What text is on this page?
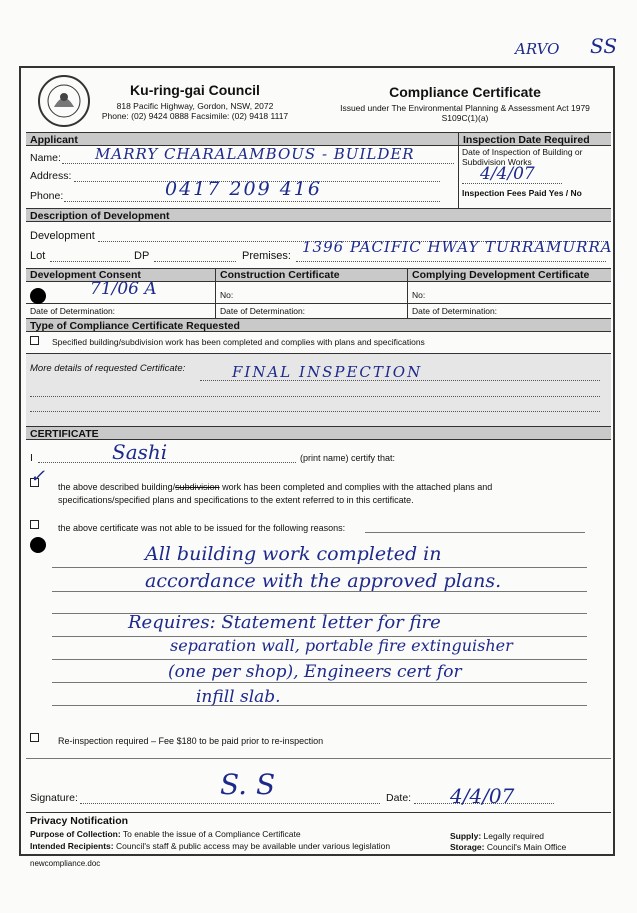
ARVO SS
Ku-ring-gai Council
818 Pacific Highway, Gordon, NSW, 2072
Phone: (02) 9424 0888 Facsimile: (02) 9418 1117
Compliance Certificate
Issued under The Environmental Planning & Assessment Act 1979
S109C(1)(a)
Applicant	Inspection Date Required
Name: MARRY CHARALAMBOUS - BUILDER
Address:
Phone:	0417 209 416
Date of Inspection of Building or Subdivision Works
4/4/07
Inspection Fees Paid Yes / No
Description of Development
Development
Lot	DP	Premises: 1396 PACIFIC HWAY TURRAMURRA
Development Consent	Construction Certificate	Complying Development Certificate
71/06 A	No:	No:
Date of Determination:	Date of Determination:	Date of Determination:
Type of Compliance Certificate Requested
Specified building/subdivision work has been completed and complies with plans and specifications
More details of requested Certificate:	FINAL INSPECTION
CERTIFICATE
I	Sashi	(print name) certify that:
✓ the above described building/subdivision work has been completed and complies with the attached plans and
specifications/specified plans and specifications to the extent referred to in this certificate.
the above certificate was not able to be issued for the following reasons:
All building work completed in
accordance with the approved plans.
Requires: Statement letter for fire
separation wall, portable fire extinguisher
(one per shop), Engineers cert for
infill slab.
Re-inspection required – Fee $180 to be paid prior to re-inspection
Signature:	S. S	Date: 4/4/07
Privacy Notification
Purpose of Collection: To enable the issue of a Compliance Certificate
Intended Recipients: Council's staff & public access may be available under various legislation
Supply: Legally required
Storage: Council's Main Office
newcompliance.doc
